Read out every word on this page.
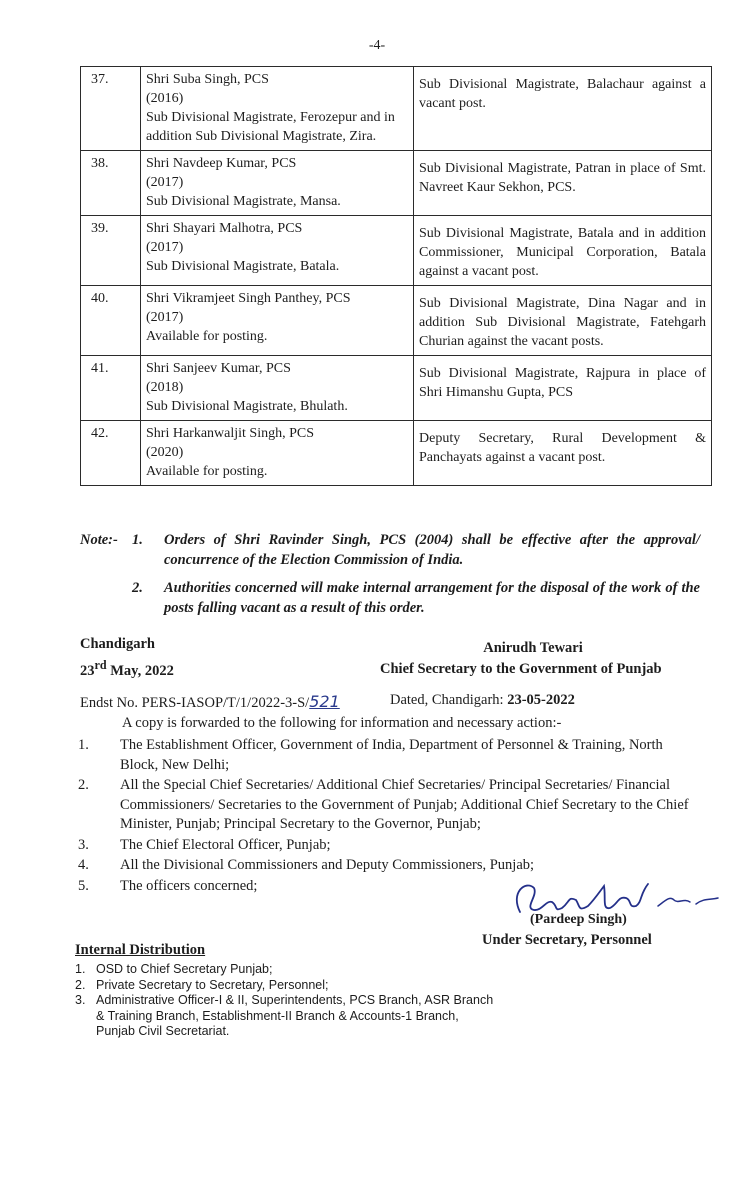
-4-
37.	Shri Suba Singh, PCS
(2016)
Sub Divisional Magistrate, Ferozepur and in addition Sub Divisional Magistrate, Zira.	Sub Divisional Magistrate, Balachaur against a vacant post.
38.	Shri Navdeep Kumar, PCS
(2017)
Sub Divisional Magistrate, Mansa.	Sub Divisional Magistrate, Patran in place of Smt. Navreet Kaur Sekhon, PCS.
39.	Shri Shayari Malhotra, PCS
(2017)
Sub Divisional Magistrate, Batala.	Sub Divisional Magistrate, Batala and in addition Commissioner, Municipal Corporation, Batala against a vacant post.
40.	Shri Vikramjeet Singh Panthey, PCS
(2017)
Available for posting.	Sub Divisional Magistrate, Dina Nagar and in addition Sub Divisional Magistrate, Fatehgarh Churian against the vacant posts.
41.	Shri Sanjeev Kumar, PCS
(2018)
Sub Divisional Magistrate, Bhulath.	Sub Divisional Magistrate, Rajpura in place of Shri Himanshu Gupta, PCS
42.	Shri Harkanwaljit Singh, PCS
(2020)
Available for posting.	Deputy Secretary, Rural Development & Panchayats against a vacant post.
Note:- 1.	Orders of Shri Ravinder Singh, PCS (2004) shall be effective after the approval/ concurrence of the Election Commission of India.
2.	Authorities concerned will make internal arrangement for the disposal of the work of the posts falling vacant as a result of this order.
Chandigarh
23rd May, 2022
Anirudh Tewari
Chief Secretary to the Government of Punjab
Endst No. PERS-IASOP/T/1/2022-3-S/521	Dated, Chandigarh: 23-05-2022
A copy is forwarded to the following for information and necessary action:-
1.	The Establishment Officer, Government of India, Department of Personnel & Training, North Block, New Delhi;
2.	All the Special Chief Secretaries/ Additional Chief Secretaries/ Principal Secretaries/ Financial Commissioners/ Secretaries to the Government of Punjab; Additional Chief Secretary to the Chief Minister, Punjab; Principal Secretary to the Governor, Punjab;
3.	The Chief Electoral Officer, Punjab;
4.	All the Divisional Commissioners and Deputy Commissioners, Punjab;
5.	The officers concerned;
(Pardeep Singh)
Under Secretary, Personnel
Internal Distribution
1. OSD to Chief Secretary Punjab;
2. Private Secretary to Secretary, Personnel;
3. Administrative Officer-I & II, Superintendents, PCS Branch, ASR Branch & Training Branch, Establishment-II Branch & Accounts-1 Branch, Punjab Civil Secretariat.
